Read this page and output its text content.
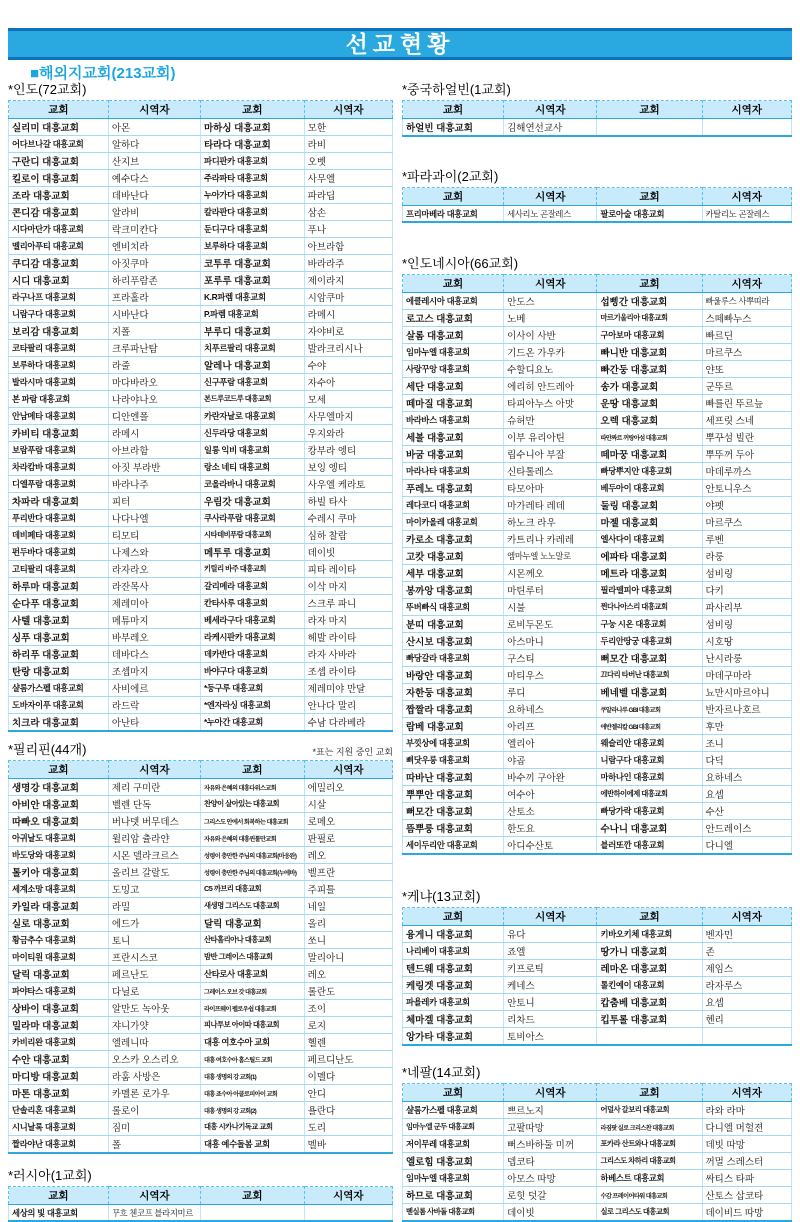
선교현황
■해외지교회(213교회)
*인도(72교회)
교회	시역자	교회	시역자
실리미 대흥교회	아몬	마하싱 대흥교회	모한
어다브나갈 대흥교회	알하다	타라다 대흥교회	라비
구란디 대흥교회	산지브	파디판카 대흥교회	오벳
킬로이 대흥교회	예수다스	주라파타 대흥교회	사무엘
조라 대흥교회	데바난다	누아가다 대흥교회	파라딥
콘디감 대흥교회	알라비	칼라판다 대흥교회	삼손
시다마단가 대흥교회	락크미칸다	둔디구다 대흥교회	푸나
멜리아푸티 대흥교회	엔비치라	보루하다 대흥교회	아브라함
쿠디감 대흥교회	아짓쿠마	코투루 대흥교회	바라라주
시디 대흥교회	하리푸람존	포루루 대흥교회	제이라지
라구나프 대흥교회	프라홀라	K.R파렘 대흥교회	시암쿠마
니람구다 대흥교회	시바난다	P.파렘 대흥교회	라메시
보리감 대흥교회	지폴	부루디 대흥교회	자야비로
코타팔리 대흥교회	크루파난탐	치푸르팔리 대흥교회	발라크리시나
보루하다 대흥교회	라줄	알레나 대흥교회	수야
발라시마 대흥교회	마다바라오	신구푸람 대흥교회	자수아
본 파람 대흥교회	나라야나오	본드루코드루 대흥교회	모세
안남메타 대흥교회	디안엔폴	카란자날로 대흥교회	사무엘마지
카비티 대흥교회	라메시	신두라당 대흥교회	우지와라
보람푸람 대흥교회	아브라함	일롱 익비 대흥교회	캉부라 엥티
차라캄바 대흥교회	아짓 부라반	랑소 네티 대흥교회	보잉 엥티
디엘푸람 대흥교회	바라나주	코올라바니 대흥교회	사우엘 케라토
차파라 대흥교회	피터	우림갓 대흥교회	하빌 타사
푸리반다 대흥교회	나다나엘	쿠사라푸람 대흥교회	수레시 쿠마
데비페타 대흥교회	티모티	시타데비푸람 대흥교회	심하 찰람
펀두바다 대흥교회	나제스와	메투루 대흥교회	데이빗
고티팔리 대흥교회	라자라오	키릴리 바주 대흥교회	피타 레이타
하루마 대흥교회	라잔목사	갈리메라 대흥교회	이삭 마지
순다푸 대흥교회	제레미아	칸타사루 대흥교회	스크루 파니
사텔 대흥교회	메튜마지	베세라구다 대흥교회	라자 마지
싱푸 대흥교회	바부레오	라케시판카 대흥교회	헤발 라이타
하리푸 대흥교회	데바다스	데카반다 대흥교회	라자 사바라
탄랑 대흥교회	조셉마지	바야구다 대흥교회	조셉 라이타
샬롬가스펠 대흥교회	사비에르	*둥구루 대흥교회	제레미야 만달
도바자이푸 대흥교회	라드락	*엔자라싱 대흥교회	안나다 말리
치크라 대흥교회	아난타	*누아간 대흥교회	수남 다라베라
*필리핀(44개)	*표는 지원 중인 교회
교회	시역자	교회	시역자
생명강 대흥교회	제리 구미란	자유와 은혜의 대흥다위스교회	에밀리오
아비안 대흥교회	벨렌 단독	찬양이 살아있는 대흥교회	시살
따빠오 대흥교회	버나뎃 버무데스	그리스도 안에서 회복하는 대흥교회	로메오
아귀날도 대흥교회	윌리암 츌라얀	자유와 은혜의 대흥퀸툴만교회	판필로
바도당와 대흥교회	시몬 델라크르스	성령이 충만한 주님의 대흥교회(마웅완)	레오
톨키아 대흥교회	올리브 갈랄도	성령이 충만한 주님의 대흥교회(누에바)	벨프란
세계소망 대흥교회	도밍고	C5 까브리 대흥교회	주피틀
카일라 대흥교회	라밀	새생명 그리스도 대흥교회	네일
실로 대흥교회	에드가	달릭 대흥교회	올리
황금추수 대흥교회	토니	산타홀리아나 대흥교회	쏘니
마이티원 대흥교회	프란시스코	밤반 그레이스 대흥교회	말리아니
달릭 대흥교회	페르난도	산타로사 대흥교회	레오
파야타스 대흥교회	다닐로	그레이스 오브 갓 대흥교회	롤란도
상바이 대흥교회	알만도 녹아웃	라이프웨이 펠로우쉽 대흥교회	조이
밀라마 대흥교회	쟈니가얏	피나투보 아이따 대흥교회	로지
카비리완 대흥교회	엘레니따	대흥 여호수아 교회	헬렌
수안 대흥교회	오스카 오스리오	대흥 여호수아 홈스틸드 교회	페르디난도
마디방 대흥교회	라훔 사방은	대흥 생명의 강 교회(1)	이멜다
마톤 대흥교회	카멜론 로가우	대흥 죠수아 아클로피아이 교회	안디
단솔리혼 대흥교회	롤로이	대흥 생명의 강 교회(2)	욜란다
시니날록 대흥교회	짐미	대흥 시카나기독교 교회	도리
짤라야난 대흥교회	폴	대흥 예수돌봄 교회	멜바
*러시아(1교회)
교회	시역자	교회	시역자
세상의 빛 대흥교회	꾸흐 첸코프 블라지미르		
*중국하얼빈(1교회)
교회	시역자	교회	시역자
하얼빈 대흥교회	김해연선교사		
*파라과이(2교회)
교회	시역자	교회	시역자
프리마베라 대흥교회	세사리노 곤잘레스	팔로아술 대흥교회	카탈리노 곤잘레스
*인도네시아(66교회)
교회	시역자	교회	시역자
에클레시아 대흥교회	안도스	섭삥간 대흥교회	빠울루스 사뿌띠라
로고스 대흥교회	노베	마르기울리아 대흥교회	스떼빠누스
살롬 대흥교회	이사이 사반	구아보마 대흥교회	빠르딘
임마누엘 대흥교회	기드온 가우카	빠니반 대흥교회	마르쿠스
사랑꾸앙 대흥교회	수할디요노	빠간둥 대흥교회	얀또
세단 대흥교회	에리히 안드레아	송가 대흥교회	군뚜르
떼마질 대흥교회	타피아누스 아맛	운땅 대흥교회	빠를린 뚜르늪
바라바스 대흥교회	슈허만	오렉 대흥교회	세프릿 스네
세볼 대흥교회	이부 유리아틴	따안짜르 꺼랑아섬 대흥교회	뿌꾸섬 빌란
바굼 대흥교회	립수니아 부잘	떼마꿍 대흥교회	뿌뚜꺼 두아
마라나타 대흥교회	신타톨레스	빠당뿌지안 대흥교회	마데루까스
푸레노 대흥교회	타모아마	베두아이 대흥교회	안토니우스
레다코디 대흥교회	마가레타 레데	둘링 대흥교회	야펫
마이카올레 대흥교회	하노크 라우	마젤 대흥교회	마르쿠스
카로소 대흥교회	카트리나 카레레	엘사다이 대흥교회	루벤
고캇 대흥교회	엠마누엘 노노말로	에파타 대흥교회	라룽
세부 대흥교회	시몬께오	메트라 대흥교회	섬비링
봉까앙 대흥교회	마틴루터	필라델피아 대흥교회	다키
뚜버빠식 대흥교회	시불	쩐다나아스리 대흥교회	파사리부
분띠 대흥교회	로비두몬도	구눙 시온 대흥교회	섬비링
산시보 대흥교회	아스마니	두리안땅궁 대흥교회	시호땅
빠당갈라 대흥교회	구스티	뻐모간 대흥교회	난시라룽
바랑안 대흥교회	마티우스	끄다리 타버난 대흥교회	마데구마라
자한둥 대흥교회	루디	베네벨 대흥교회	뇨만시마르야니
짭짤라 대흥교회	요하네스	쿠알라나루 GBI 대흥교회	반자르나호르
람베 대흥교회	아리프	에반젤리칼 GBI 대흥교회	후만
부낏상에 대흥교회	엘리아	웨슬리안 대흥교회	조니
삐닷우룽 대흥교회	야곱	니람구다 대흥교회	다딕
따바난 대흥교회	바수끼 구아완	마하나인 대흥교회	요하네스
뿌뿌안 대흥교회	여수아	에반하이에제 대흥교회	요셉
뻐모간 대흥교회	산토소	빠당가락 대흥교회	수산
뜸뿌룽 대흥교회	한도요	수나니 대흥교회	안드레이스
세이두리안 대흥교회	아디수산토	블러또깐 대흥교회	다니엘
*케냐(13교회)
교회	시역자	교회	시역자
융게니 대흥교회	유다	키바오키체 대흥교회	벤자민
나리베이 대흥교회	죠엘	땅가니 대흥교회	존
텐드웨 대흥교회	키프로틱	레마온 대흥교회	제임스
케링겟 대흥교회	케네스	톨킨예이 대흥교회	라자루스
파욜레카 대흥교회	안토니	캅춤베 대흥교회	요셉
체마겔 대흥교회	리차드	킵투롤 대흥교회	헨리
앙가타 대흥교회	토비아스		
*네팔(14교회)
교회	시역자	교회	시역자
샬롬가스펠 대흥교회	쁘르노지	어덜사 갈보리 대흥교회	라와 라마
임마누엘 군두 대흥교회	고팔따망	라짐팟 실로 크리스찬 대흥교회	다니엘 머헐젼
저이무레 대흥교회	뻐스바하둘 미꺼	포카라 산트와나 대흥교회	데빗 따망
엘로힘 대흥교회	뎁코타	그리스도 차하리 대흥교회	꺼멀 스레스터
임마누엘 대흥교회	아모스 따망	하베스트 대흥교회	싸티스 타파
하므로 대흥교회	로힛 덧갈	수감 프레이어타워 대흥교회	산토스 삽코타
벧실롬 사바돌 대흥교회	데이빗	실로 그리스도 대흥교회	데이비드 따망
